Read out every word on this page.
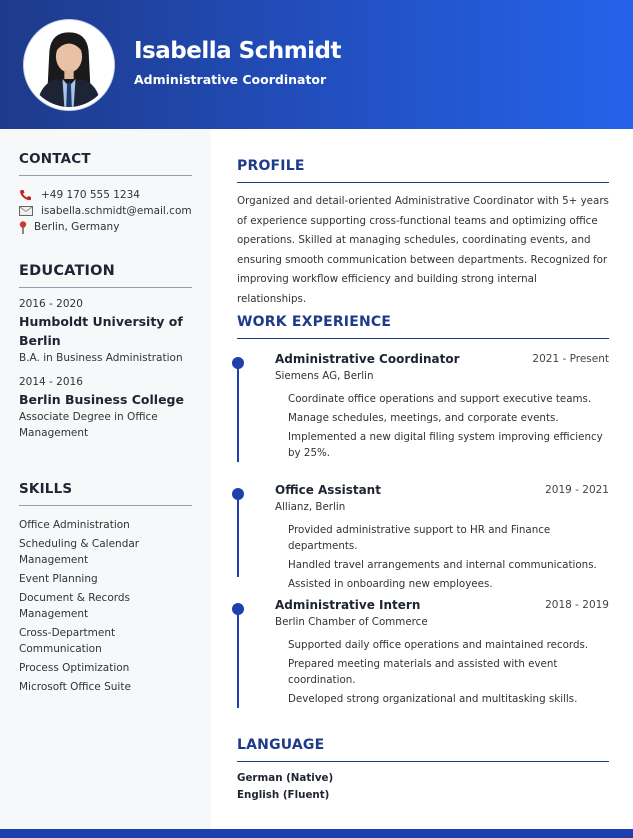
Isabella Schmidt
Administrative Coordinator
CONTACT
+49 170 555 1234
isabella.schmidt@email.com
Berlin, Germany
EDUCATION
2016 - 2020
Humboldt University of Berlin
B.A. in Business Administration
2014 - 2016
Berlin Business College
Associate Degree in Office Management
SKILLS
Office Administration
Scheduling & Calendar Management
Event Planning
Document & Records Management
Cross-Department Communication
Process Optimization
Microsoft Office Suite
PROFILE
Organized and detail-oriented Administrative Coordinator with 5+ years of experience supporting cross-functional teams and optimizing office operations. Skilled at managing schedules, coordinating events, and ensuring smooth communication between departments. Recognized for improving workflow efficiency and building strong internal relationships.
WORK EXPERIENCE
Administrative Coordinator	2021 - Present
Siemens AG, Berlin
Coordinate office operations and support executive teams.
Manage schedules, meetings, and corporate events.
Implemented a new digital filing system improving efficiency by 25%.
Office Assistant	2019 - 2021
Allianz, Berlin
Provided administrative support to HR and Finance departments.
Handled travel arrangements and internal communications.
Assisted in onboarding new employees.
Administrative Intern	2018 - 2019
Berlin Chamber of Commerce
Supported daily office operations and maintained records.
Prepared meeting materials and assisted with event coordination.
Developed strong organizational and multitasking skills.
LANGUAGE
German (Native)
English (Fluent)
